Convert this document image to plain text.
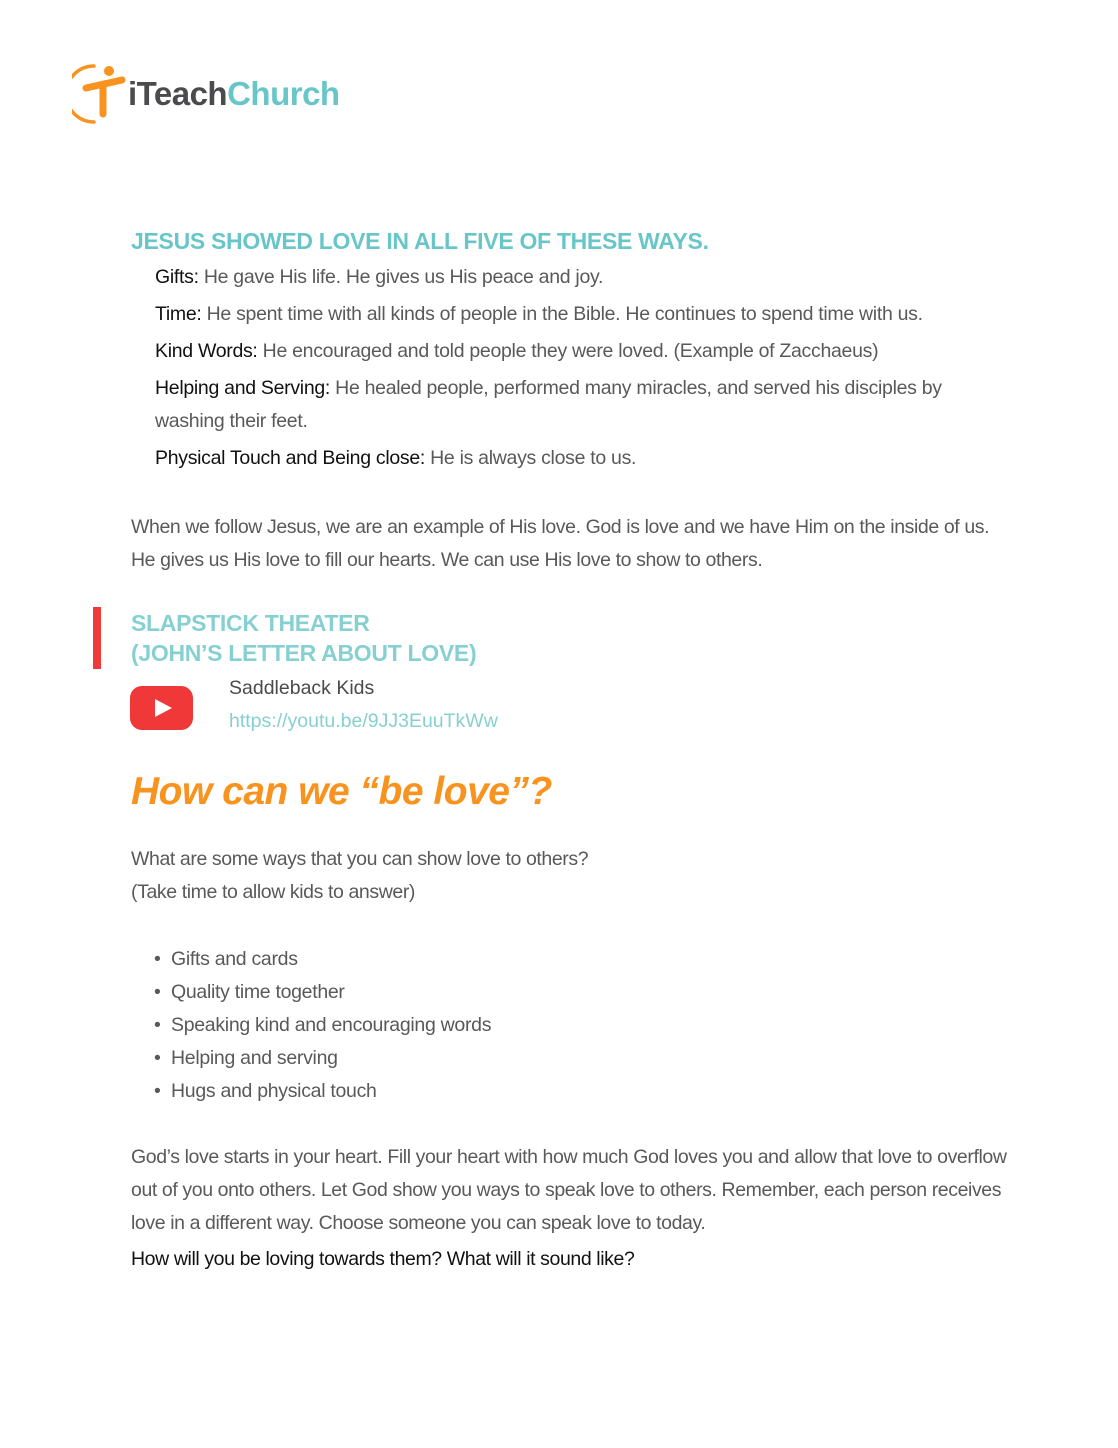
iTeachChurch
JESUS SHOWED LOVE IN ALL FIVE OF THESE WAYS.
Gifts: He gave His life. He gives us His peace and joy.
Time: He spent time with all kinds of people in the Bible. He continues to spend time with us.
Kind Words: He encouraged and told people they were loved. (Example of Zacchaeus)
Helping and Serving: He healed people, performed many miracles, and served his disciples by washing their feet.
Physical Touch and Being close: He is always close to us.
When we follow Jesus, we are an example of His love. God is love and we have Him on the inside of us. He gives us His love to fill our hearts. We can use His love to show to others.
SLAPSTICK THEATER
(JOHN’S LETTER ABOUT LOVE)
Saddleback Kids
https://youtu.be/9JJ3EuuTkWw
How can we “be love”?
What are some ways that you can show love to others?
(Take time to allow kids to answer)
• Gifts and cards
• Quality time together
• Speaking kind and encouraging words
• Helping and serving
• Hugs and physical touch
God’s love starts in your heart. Fill your heart with how much God loves you and allow that love to overflow out of you onto others. Let God show you ways to speak love to others. Remember, each person receives love in a different way. Choose someone you can speak love to today.
How will you be loving towards them? What will it sound like?
